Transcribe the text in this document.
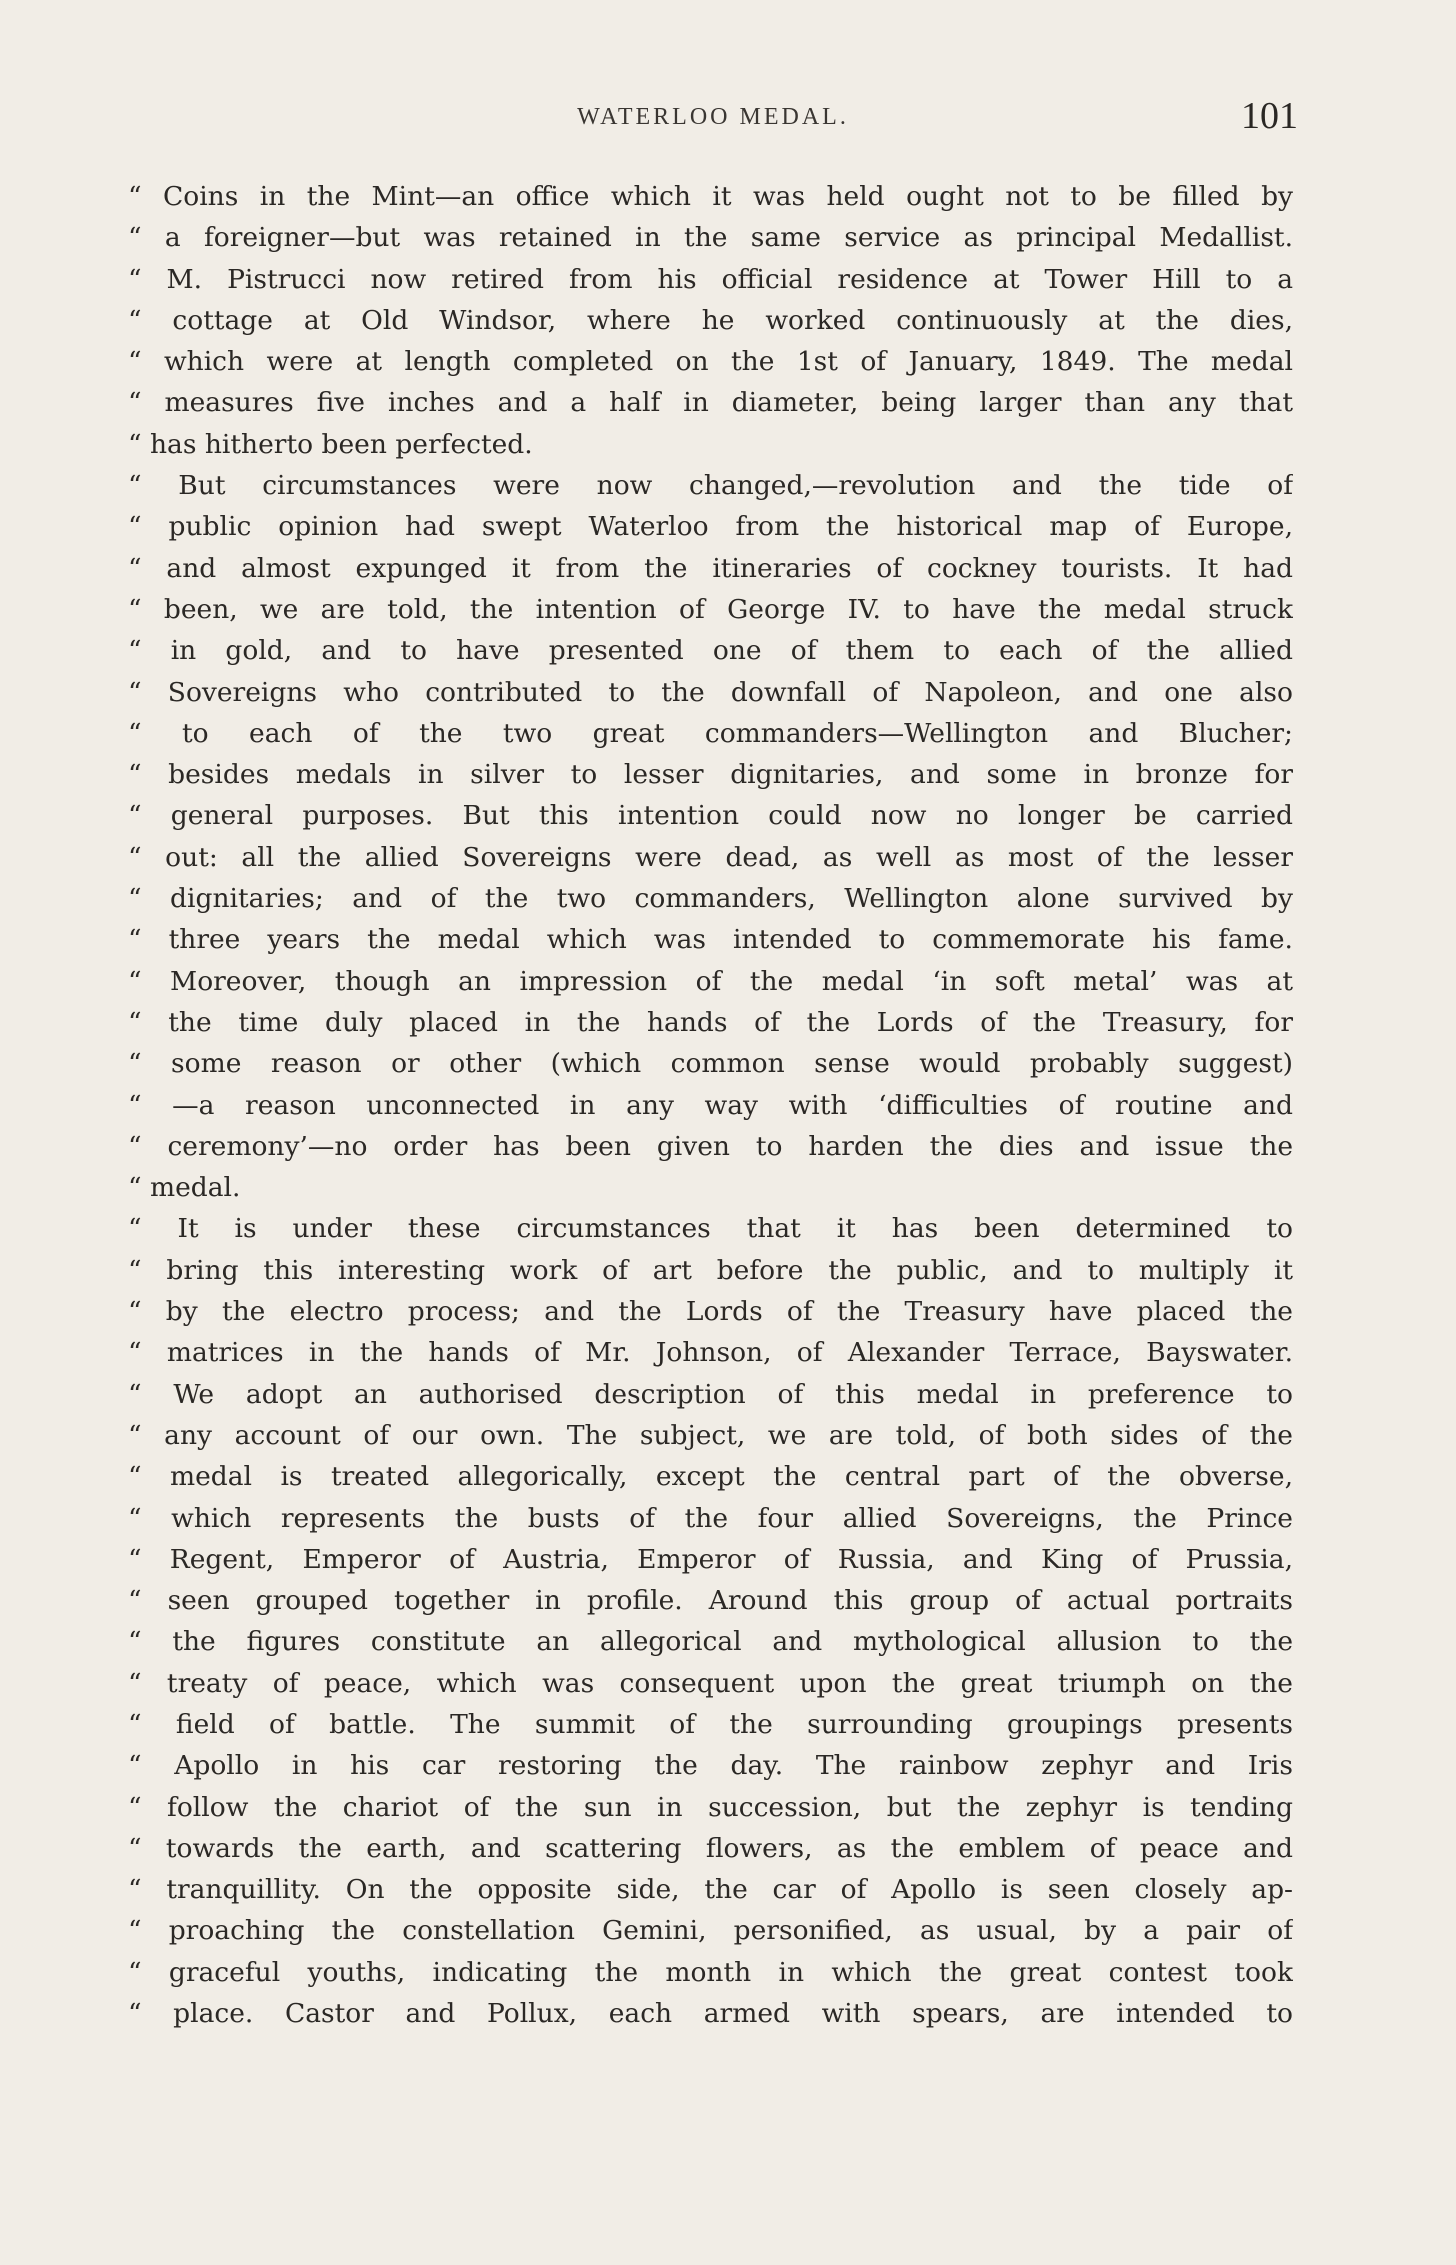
WATERLOO MEDAL.	101
“ Coins in the Mint—an office which it was held ought not to be filled by
“ a foreigner—but was retained in the same service as principal Medallist.
“ M. Pistrucci now retired from his official residence at Tower Hill to a
“ cottage at Old Windsor, where he worked continuously at the dies,
“ which were at length completed on the 1st of January, 1849. The medal
“ measures five inches and a half in diameter, being larger than any that
“ has hitherto been perfected.
“ But circumstances were now changed,—revolution and the tide of
“ public opinion had swept Waterloo from the historical map of Europe,
“ and almost expunged it from the itineraries of cockney tourists. It had
“ been, we are told, the intention of George IV. to have the medal struck
“ in gold, and to have presented one of them to each of the allied
“ Sovereigns who contributed to the downfall of Napoleon, and one also
“ to each of the two great commanders—Wellington and Blucher;
“ besides medals in silver to lesser dignitaries, and some in bronze for
“ general purposes. But this intention could now no longer be carried
“ out: all the allied Sovereigns were dead, as well as most of the lesser
“ dignitaries; and of the two commanders, Wellington alone survived by
“ three years the medal which was intended to commemorate his fame.
“ Moreover, though an impression of the medal ‘in soft metal’ was at
“ the time duly placed in the hands of the Lords of the Treasury, for
“ some reason or other (which common sense would probably suggest)
“ —a reason unconnected in any way with ‘difficulties of routine and
“ ceremony’—no order has been given to harden the dies and issue the
“ medal.
“ It is under these circumstances that it has been determined to
“ bring this interesting work of art before the public, and to multiply it
“ by the electro process; and the Lords of the Treasury have placed the
“ matrices in the hands of Mr. Johnson, of Alexander Terrace, Bayswater.
“ We adopt an authorised description of this medal in preference to
“ any account of our own. The subject, we are told, of both sides of the
“ medal is treated allegorically, except the central part of the obverse,
“ which represents the busts of the four allied Sovereigns, the Prince
“ Regent, Emperor of Austria, Emperor of Russia, and King of Prussia,
“ seen grouped together in profile. Around this group of actual portraits
“ the figures constitute an allegorical and mythological allusion to the
“ treaty of peace, which was consequent upon the great triumph on the
“ field of battle. The summit of the surrounding groupings presents
“ Apollo in his car restoring the day. The rainbow zephyr and Iris
“ follow the chariot of the sun in succession, but the zephyr is tending
“ towards the earth, and scattering flowers, as the emblem of peace and
“ tranquillity. On the opposite side, the car of Apollo is seen closely ap-
“ proaching the constellation Gemini, personified, as usual, by a pair of
“ graceful youths, indicating the month in which the great contest took
“ place. Castor and Pollux, each armed with spears, are intended to
